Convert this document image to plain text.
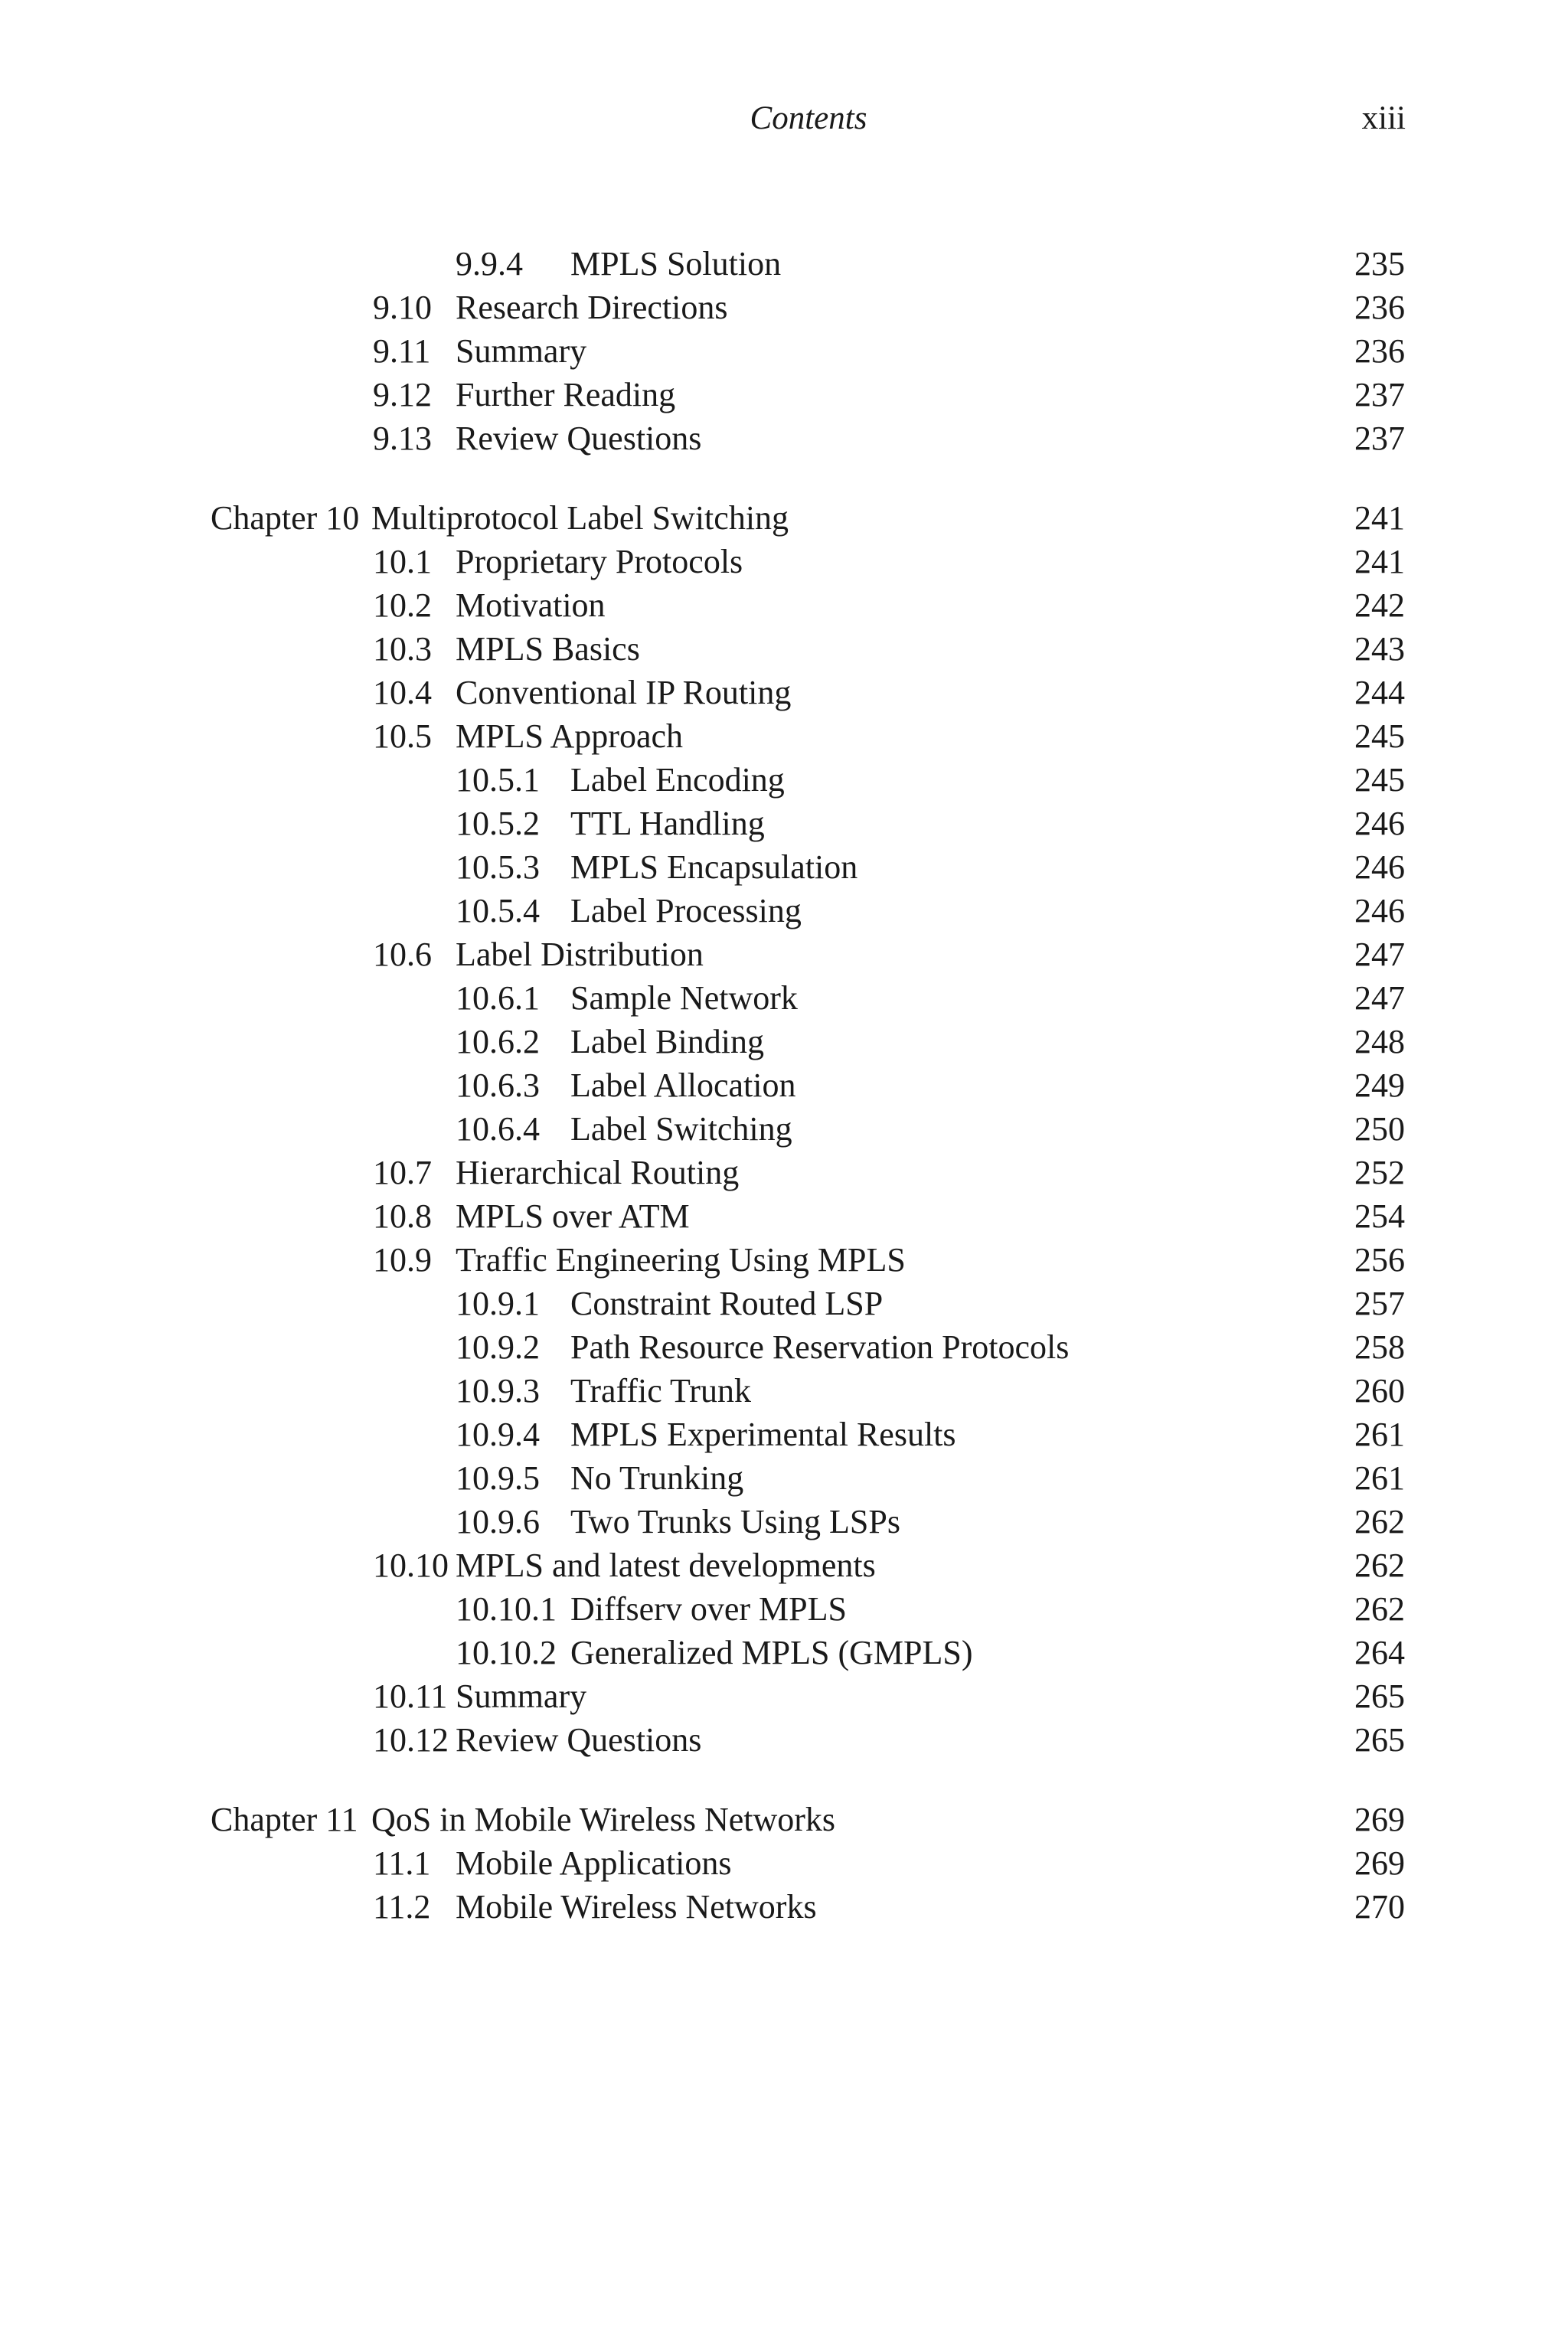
Contents	xiii
9.9.4 MPLS Solution	235
9.10 Research Directions	236
9.11 Summary	236
9.12 Further Reading	237
9.13 Review Questions	237
Chapter 10 Multiprotocol Label Switching	241
10.1 Proprietary Protocols	241
10.2 Motivation	242
10.3 MPLS Basics	243
10.4 Conventional IP Routing	244
10.5 MPLS Approach	245
10.5.1 Label Encoding	245
10.5.2 TTL Handling	246
10.5.3 MPLS Encapsulation	246
10.5.4 Label Processing	246
10.6 Label Distribution	247
10.6.1 Sample Network	247
10.6.2 Label Binding	248
10.6.3 Label Allocation	249
10.6.4 Label Switching	250
10.7 Hierarchical Routing	252
10.8 MPLS over ATM	254
10.9 Traffic Engineering Using MPLS	256
10.9.1 Constraint Routed LSP	257
10.9.2 Path Resource Reservation Protocols	258
10.9.3 Traffic Trunk	260
10.9.4 MPLS Experimental Results	261
10.9.5 No Trunking	261
10.9.6 Two Trunks Using LSPs	262
10.10 MPLS and latest developments	262
10.10.1 Diffserv over MPLS	262
10.10.2 Generalized MPLS (GMPLS)	264
10.11 Summary	265
10.12 Review Questions	265
Chapter 11 QoS in Mobile Wireless Networks	269
11.1 Mobile Applications	269
11.2 Mobile Wireless Networks	270
